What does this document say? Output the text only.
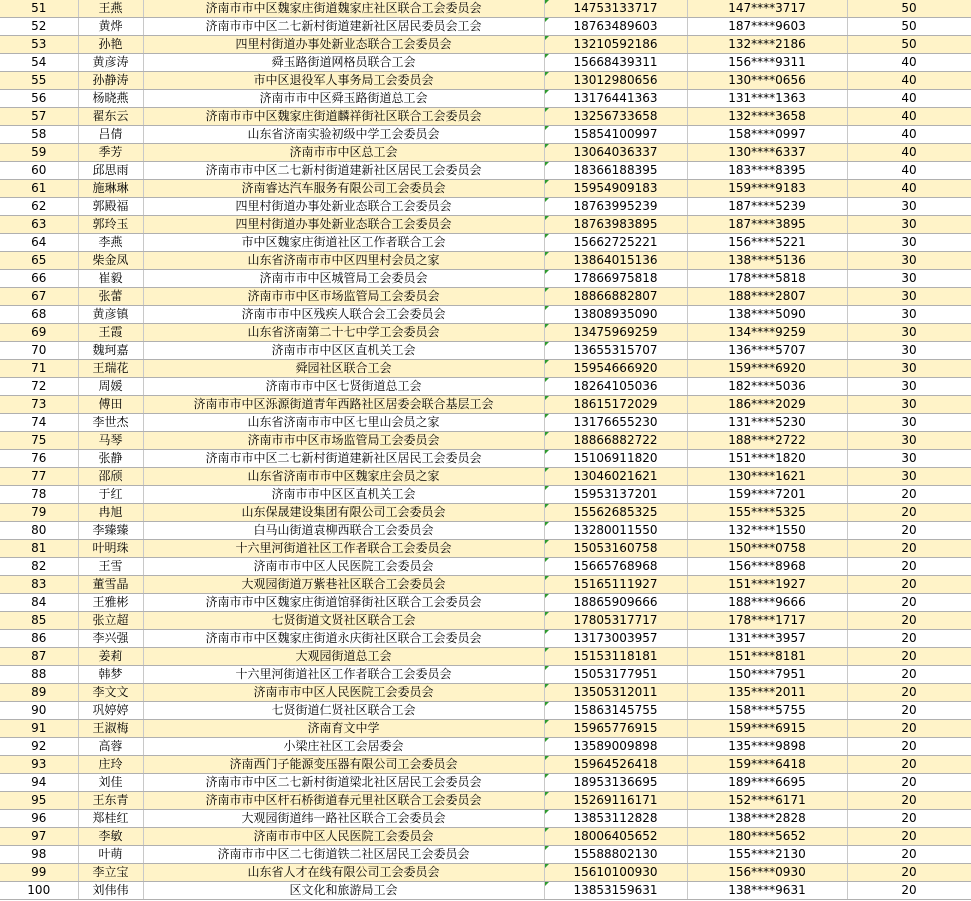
51	王燕	济南市市中区魏家庄街道魏家庄社区联合工会委员会	14753133717	147****3717	50
52	黄烨	济南市市中区二七新村街道建新社区居民委员会工会	18763489603	187****9603	50
53	孙艳	四里村街道办事处新业态联合工会委员会	13210592186	132****2186	50
54	黄彦涛	舜玉路街道网格员联合工会	15668439311	156****9311	40
55	孙静涛	市中区退役军人事务局工会委员会	13012980656	130****0656	40
56	杨晓燕	济南市市中区舜玉路街道总工会	13176441363	131****1363	40
57	翟东云	济南市市中区魏家庄街道麟祥街社区联合工会委员会	13256733658	132****3658	40
58	吕倩	山东省济南实验初级中学工会委员会	15854100997	158****0997	40
59	季芳	济南市市中区总工会	13064036337	130****6337	40
60	邱思雨	济南市市中区二七新村街道建新社区居民工会委员会	18366188395	183****8395	40
61	施琳琳	济南睿达汽车服务有限公司工会委员会	15954909183	159****9183	40
62	郭殿福	四里村街道办事处新业态联合工会委员会	18763995239	187****5239	30
63	郭玲玉	四里村街道办事处新业态联合工会委员会	18763983895	187****3895	30
64	李燕	市中区魏家庄街道社区工作者联合工会	15662725221	156****5221	30
65	柴金凤	山东省济南市市中区四里村会员之家	13864015136	138****5136	30
66	崔毅	济南市市中区城管局工会委员会	17866975818	178****5818	30
67	张蕾	济南市市中区市场监管局工会委员会	18866882807	188****2807	30
68	黄彦镇	济南市市中区残疾人联合会工会委员会	13808935090	138****5090	30
69	王霞	山东省济南第二十七中学工会委员会	13475969259	134****9259	30
70	魏珂嘉	济南市市中区区直机关工会	13655315707	136****5707	30
71	王瑞花	舜园社区联合工会	15954666920	159****6920	30
72	周媛	济南市市中区七贤街道总工会	18264105036	182****5036	30
73	傅田	济南市市中区泺源街道青年西路社区居委会联合基层工会	18615172029	186****2029	30
74	李世杰	山东省济南市市中区七里山会员之家	13176655230	131****5230	30
75	马琴	济南市市中区市场监管局工会委员会	18866882722	188****2722	30
76	张静	济南市市中区二七新村街道建新社区居民工会委员会	15106911820	151****1820	30
77	邵颀	山东省济南市市中区魏家庄会员之家	13046021621	130****1621	30
78	于红	济南市市中区区直机关工会	15953137201	159****7201	20
79	冉旭	山东保晟建设集团有限公司工会委员会	15562685325	155****5325	20
80	李臻臻	白马山街道袁柳西联合工会委员会	13280011550	132****1550	20
81	叶明珠	十六里河街道社区工作者联合工会委员会	15053160758	150****0758	20
82	王雪	济南市市中区人民医院工会委员会	15665768968	156****8968	20
83	董雪晶	大观园街道万紫巷社区联合工会委员会	15165111927	151****1927	20
84	王雅彬	济南市市中区魏家庄街道馆驿街社区联合工会委员会	18865909666	188****9666	20
85	张立超	七贤街道文贤社区联合工会	17805317717	178****1717	20
86	李兴强	济南市市中区魏家庄街道永庆街社区联合工会委员会	13173003957	131****3957	20
87	姜莉	大观园街道总工会	15153118181	151****8181	20
88	韩梦	十六里河街道社区工作者联合工会委员会	15053177951	150****7951	20
89	李文文	济南市市中区人民医院工会委员会	13505312011	135****2011	20
90	巩婷婷	七贤街道仁贤社区联合工会	15863145755	158****5755	20
91	王淑梅	济南育文中学	15965776915	159****6915	20
92	高蓉	小梁庄社区工会居委会	13589009898	135****9898	20
93	庄玲	济南西门子能源变压器有限公司工会委员会	15964526418	159****6418	20
94	刘佳	济南市市中区二七新村街道梁北社区居民工会委员会	18953136695	189****6695	20
95	王东青	济南市市中区杆石桥街道春元里社区联合工会委员会	15269116171	152****6171	20
96	郑桂红	大观园街道纬一路社区联合工会委员会	13853112828	138****2828	20
97	李敏	济南市市中区人民医院工会委员会	18006405652	180****5652	20
98	叶萌	济南市市中区二七街道铁二社区居民工会委员会	15588802130	155****2130	20
99	李立宝	山东省人才在线有限公司工会委员会	15610100930	156****0930	20
100	刘伟伟	区文化和旅游局工会	13853159631	138****9631	20
